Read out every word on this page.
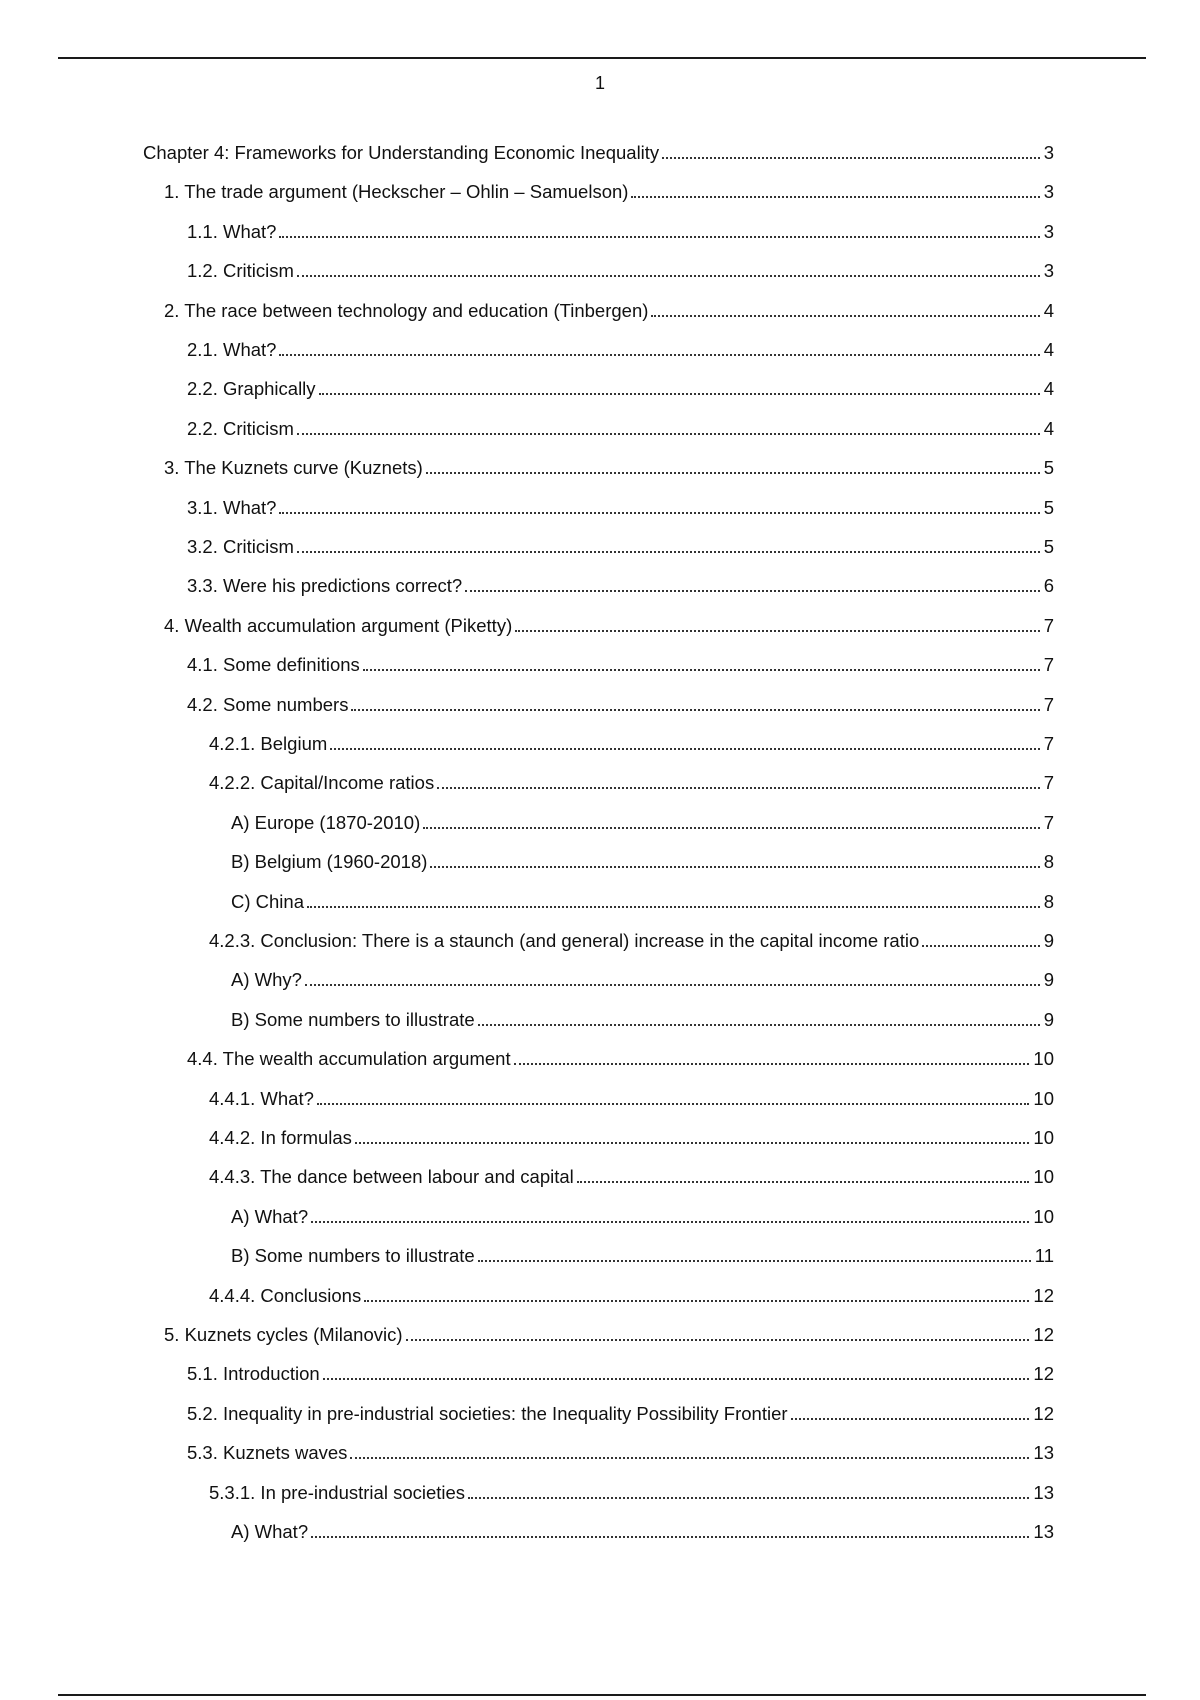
1
Chapter 4: Frameworks for Understanding Economic Inequality	3
1. The trade argument (Heckscher – Ohlin – Samuelson)	3
1.1. What?	3
1.2. Criticism	3
2. The race between technology and education (Tinbergen)	4
2.1. What?	4
2.2. Graphically	4
2.2. Criticism	4
3. The Kuznets curve (Kuznets)	5
3.1. What?	5
3.2. Criticism	5
3.3. Were his predictions correct?	6
4. Wealth accumulation argument (Piketty)	7
4.1. Some definitions	7
4.2. Some numbers	7
4.2.1. Belgium	7
4.2.2. Capital/Income ratios	7
A) Europe (1870-2010)	7
B) Belgium (1960-2018)	8
C) China	8
4.2.3. Conclusion: There is a staunch (and general) increase in the capital income ratio	9
A) Why?	9
B) Some numbers to illustrate	9
4.4. The wealth accumulation argument	10
4.4.1. What?	10
4.4.2. In formulas	10
4.4.3. The dance between labour and capital	10
A) What?	10
B) Some numbers to illustrate	11
4.4.4. Conclusions	12
5. Kuznets cycles (Milanovic)	12
5.1. Introduction	12
5.2. Inequality in pre-industrial societies: the Inequality Possibility Frontier	12
5.3. Kuznets waves	13
5.3.1. In pre-industrial societies	13
A) What?	13
